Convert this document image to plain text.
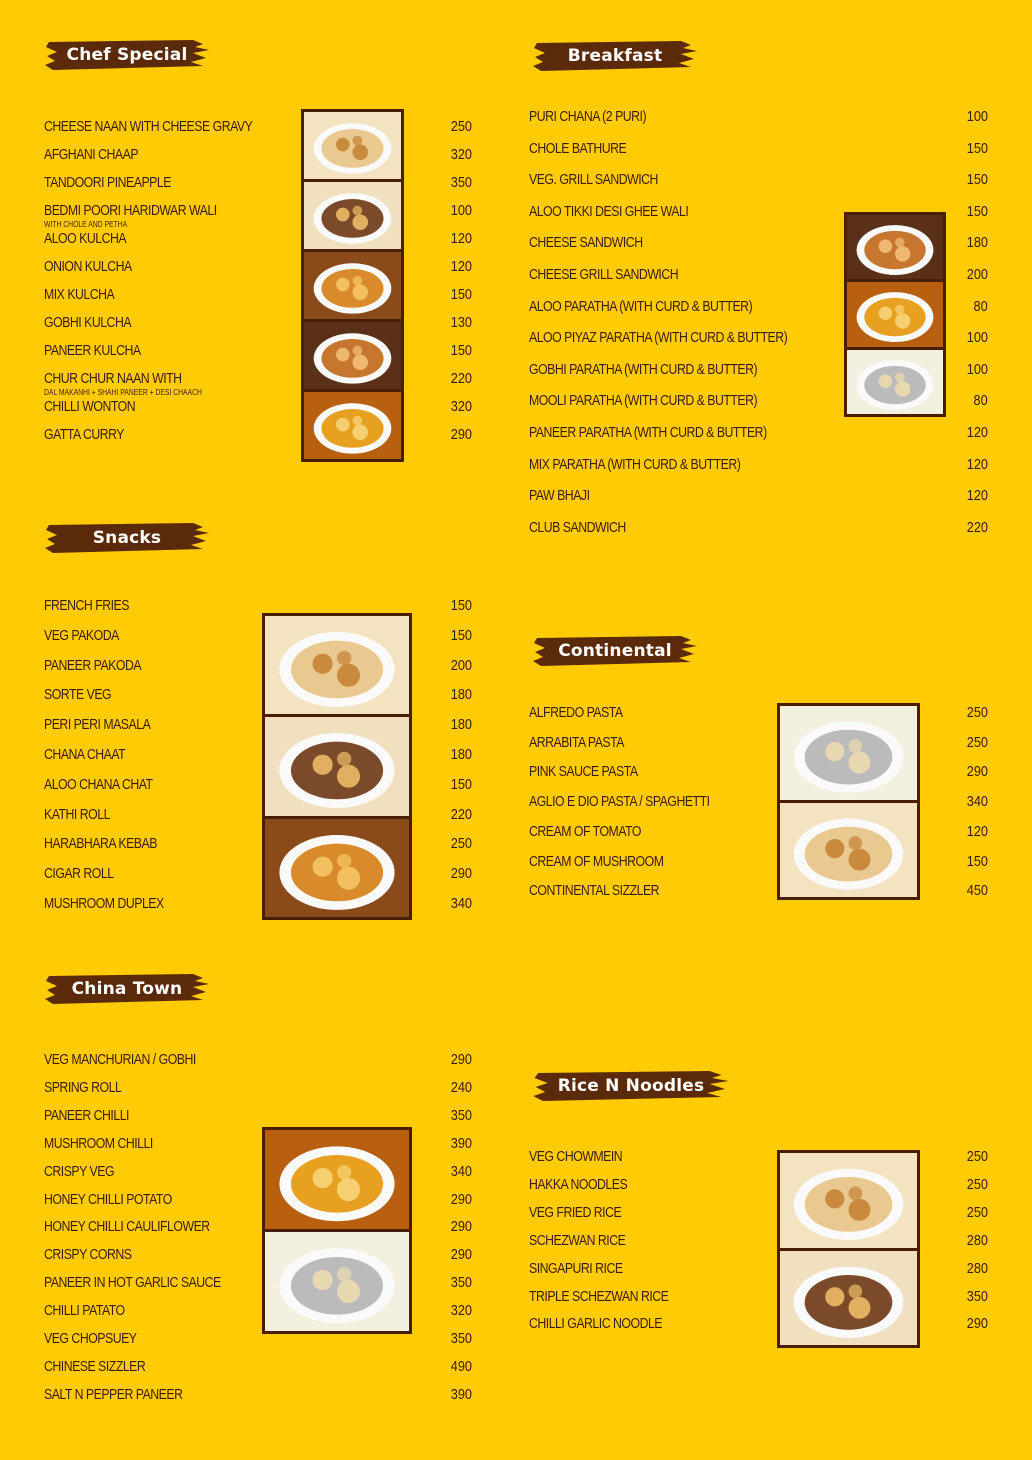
Chef Special
CHEESE NAAN WITH CHEESE GRAVY	250
AFGHANI CHAAP	320
TANDOORI PINEAPPLE	350
BEDMI POORI HARIDWAR WALI	100
WITH CHOLE AND PETHA
ALOO KULCHA	120
ONION KULCHA	120
MIX KULCHA	150
GOBHI KULCHA	130
PANEER KULCHA	150
CHUR CHUR NAAN WITH	220
DAL MAKANHI + SHAHI PANEER + DESI CHAACH
CHILLI WONTON	320
GATTA CURRY	290
Breakfast
PURI CHANA (2 PURI)	100
CHOLE BATHURE	150
VEG. GRILL SANDWICH	150
ALOO TIKKI DESI GHEE WALI	150
CHEESE SANDWICH	180
CHEESE GRILL SANDWICH	200
ALOO PARATHA (WITH CURD & BUTTER)	80
ALOO PIYAZ PARATHA (WITH CURD & BUTTER)	100
GOBHI PARATHA (WITH CURD & BUTTER)	100
MOOLI PARATHA (WITH CURD & BUTTER)	80
PANEER PARATHA (WITH CURD & BUTTER)	120
MIX PARATHA (WITH CURD & BUTTER)	120
PAW BHAJI	120
CLUB SANDWICH	220
Snacks
FRENCH FRIES	150
VEG PAKODA	150
PANEER PAKODA	200
SORTE VEG	180
PERI PERI MASALA	180
CHANA CHAAT	180
ALOO CHANA CHAT	150
KATHI ROLL	220
HARABHARA KEBAB	250
CIGAR ROLL	290
MUSHROOM DUPLEX	340
Continental
ALFREDO PASTA	250
ARRABITA PASTA	250
PINK SAUCE PASTA	290
AGLIO E DIO PASTA / SPAGHETTI	340
CREAM OF TOMATO	120
CREAM OF MUSHROOM	150
CONTINENTAL SIZZLER	450
China Town
VEG MANCHURIAN / GOBHI	290
SPRING ROLL	240
PANEER CHILLI	350
MUSHROOM CHILLI	390
CRISPY VEG	340
HONEY CHILLI POTATO	290
HONEY CHILLI CAULIFLOWER	290
CRISPY CORNS	290
PANEER IN HOT GARLIC SAUCE	350
CHILLI PATATO	320
VEG CHOPSUEY	350
CHINESE SIZZLER	490
SALT N PEPPER PANEER	390
Rice N Noodles
VEG CHOWMEIN	250
HAKKA NOODLES	250
VEG FRIED RICE	250
SCHEZWAN RICE	280
SINGAPURI RICE	280
TRIPLE SCHEZWAN RICE	350
CHILLI GARLIC NOODLE	290
